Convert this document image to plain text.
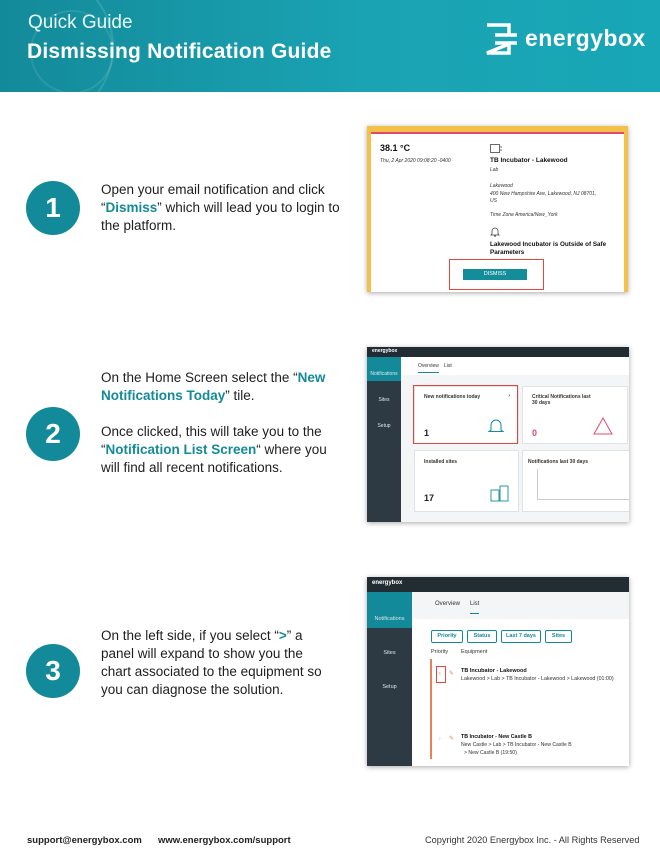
Quick Guide
Dismissing Notification Guide
energybox
1
Open your email notification and click “Dismiss” which will lead you to login to the platform.
38.1 °C
Thu, 2 Apr 2020 09:08:20 -0400	TB Incubator - Lakewood
Lab
Lakewood
400 New Hampshire Ave, Lakewood, NJ 08701,
US
Time Zone America/New_York
Lakewood Incubator is Outside of Safe
Parameters
DISMISS
2
On the Home Screen select the “New Notifications Today” tile.
Once clicked, this will take you to the “Notification List Screen“ where you will find all recent notifications.
energybox
Notifications
Sites
Setup
Overview List
New notifications today	›
1
Critical Notifications last 30 days
0
Installed sites
17
Notifications last 30 days
3
On the left side, if you select “>” a panel will expand to show you the chart associated to the equipment so you can diagnose the solution.
energybox
Notifications
Sites
Setup
Overview List
Priority	Status	Last 7 days	Sites
Priority Equipment
› ✎ TB Incubator - Lakewood
Lakewood > Lab > TB Incubator - Lakewood > Lakewood (01:00)
› ✎ TB Incubator - New Castle B
New Castle > Lab > TB Incubator - New Castle B
> New Castle B (19:50)
support@energybox.com www.energybox.com/support	Copyright 2020 Energybox Inc. - All Rights Reserved
